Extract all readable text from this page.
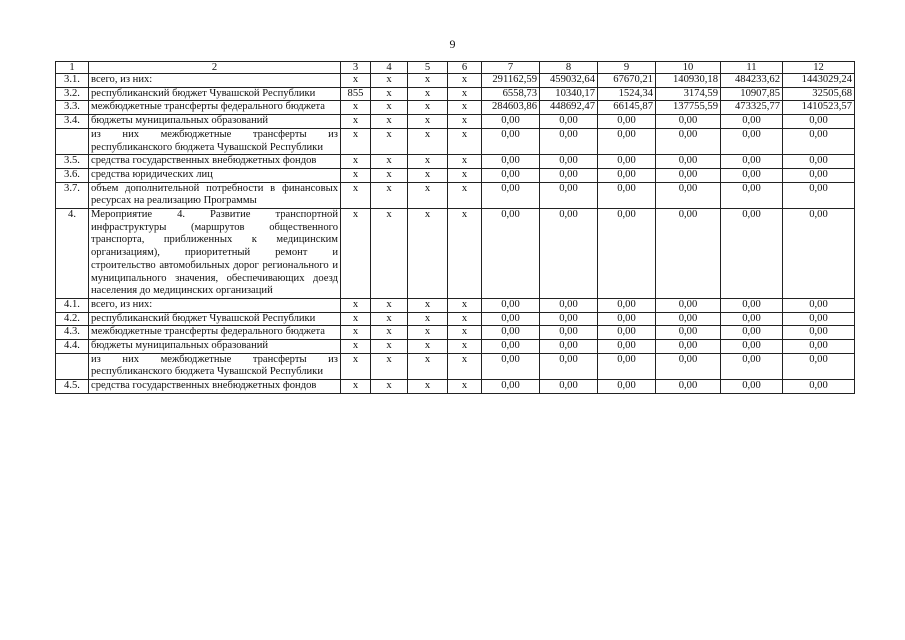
9
1	2	3	4	5	6	7	8	9	10	11	12
3.1.	всего, из них:	х	х	х	х	291162,59	459032,64	67670,21	140930,18	484233,62	1443029,24
3.2.	республиканский бюджет Чувашской Республики	855	х	х	х	6558,73	10340,17	1524,34	3174,59	10907,85	32505,68
3.3.	межбюджетные трансферты федерального бюджета	х	х	х	х	284603,86	448692,47	66145,87	137755,59	473325,77	1410523,57
3.4.	бюджеты муниципальных образований	х	х	х	х	0,00	0,00	0,00	0,00	0,00	0,00
	из них межбюджетные трансферты из республиканского бюджета Чувашской Республики	х	х	х	х	0,00	0,00	0,00	0,00	0,00	0,00
3.5.	средства государственных внебюджетных фондов	х	х	х	х	0,00	0,00	0,00	0,00	0,00	0,00
3.6.	средства юридических лиц	х	х	х	х	0,00	0,00	0,00	0,00	0,00	0,00
3.7.	объем дополнительной потребности в финансовых ресурсах на реализацию Программы	х	х	х	х	0,00	0,00	0,00	0,00	0,00	0,00
4.	Мероприятие 4. Развитие транспортной инфраструктуры (маршрутов общественного транспорта, приближенных к медицинским организациям), приоритетный ремонт и строительство автомобильных дорог регионального и муниципального значения, обеспечивающих доезд населения до медицинских организаций	х	х	х	х	0,00	0,00	0,00	0,00	0,00	0,00
4.1.	всего, из них:	х	х	х	х	0,00	0,00	0,00	0,00	0,00	0,00
4.2.	республиканский бюджет Чувашской Республики	х	х	х	х	0,00	0,00	0,00	0,00	0,00	0,00
4.3.	межбюджетные трансферты федерального бюджета	х	х	х	х	0,00	0,00	0,00	0,00	0,00	0,00
4.4.	бюджеты муниципальных образований	х	х	х	х	0,00	0,00	0,00	0,00	0,00	0,00
	из них межбюджетные трансферты из республиканского бюджета Чувашской Республики	х	х	х	х	0,00	0,00	0,00	0,00	0,00	0,00
4.5.	средства государственных внебюджетных фондов	х	х	х	х	0,00	0,00	0,00	0,00	0,00	0,00
